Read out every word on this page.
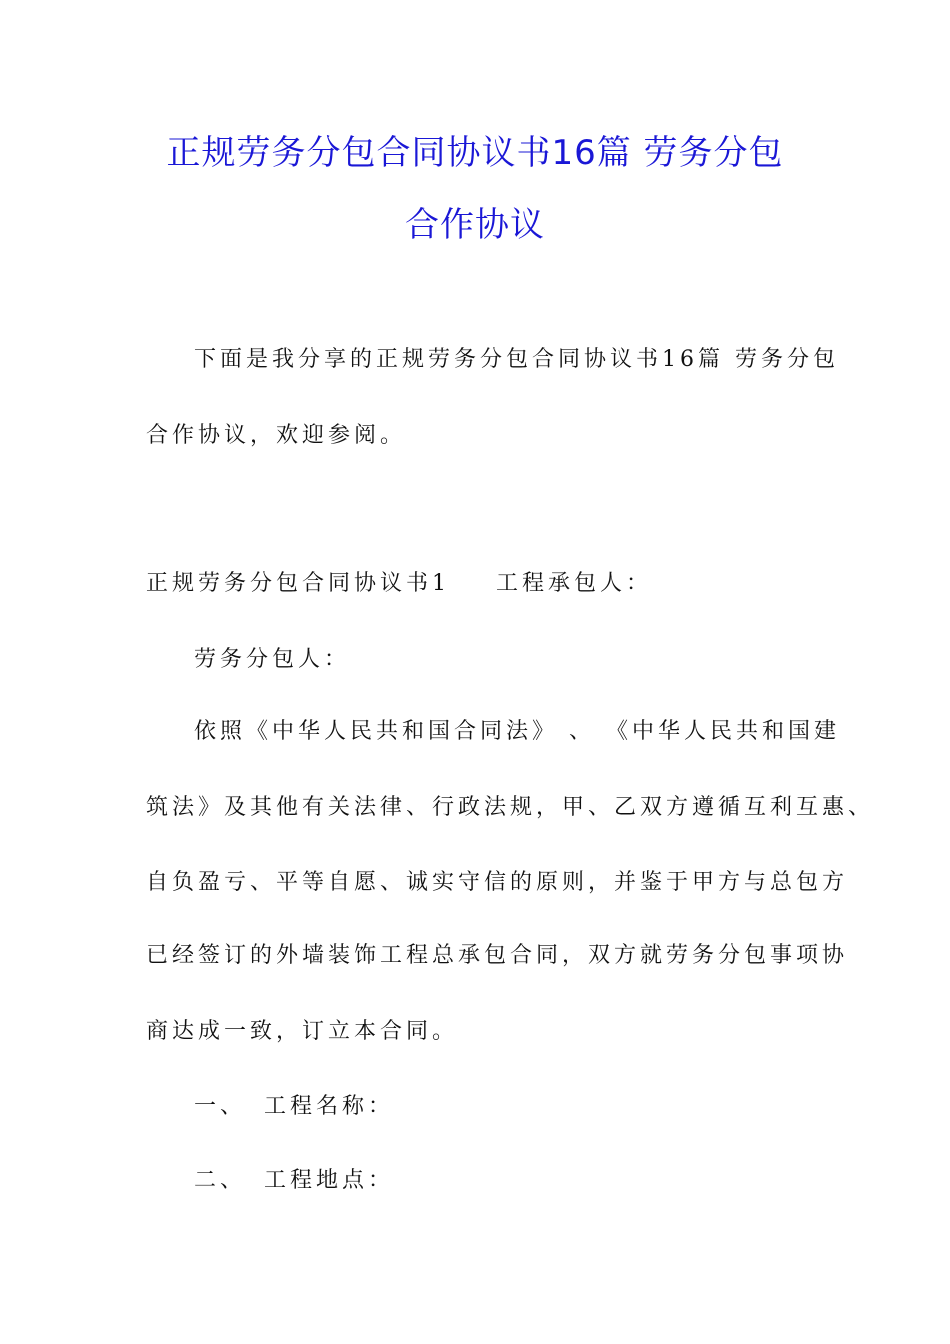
正规劳务分包合同协议书16篇 劳务分包
合作协议
下面是我分享的正规劳务分包合同协议书16篇 劳务分包
合作协议，欢迎参阅。
正规劳务分包合同协议书1 工程承包人：
劳务分包人：
依照《中华人民共和国合同法》 、 《中华人民共和国建
筑法》及其他有关法律、行政法规，甲、乙双方遵循互利互惠、
自负盈亏、平等自愿、诚实守信的原则，并鉴于甲方与总包方
已经签订的外墙装饰工程总承包合同，双方就劳务分包事项协
商达成一致，订立本合同。
一、 工程名称：
二、 工程地点：
